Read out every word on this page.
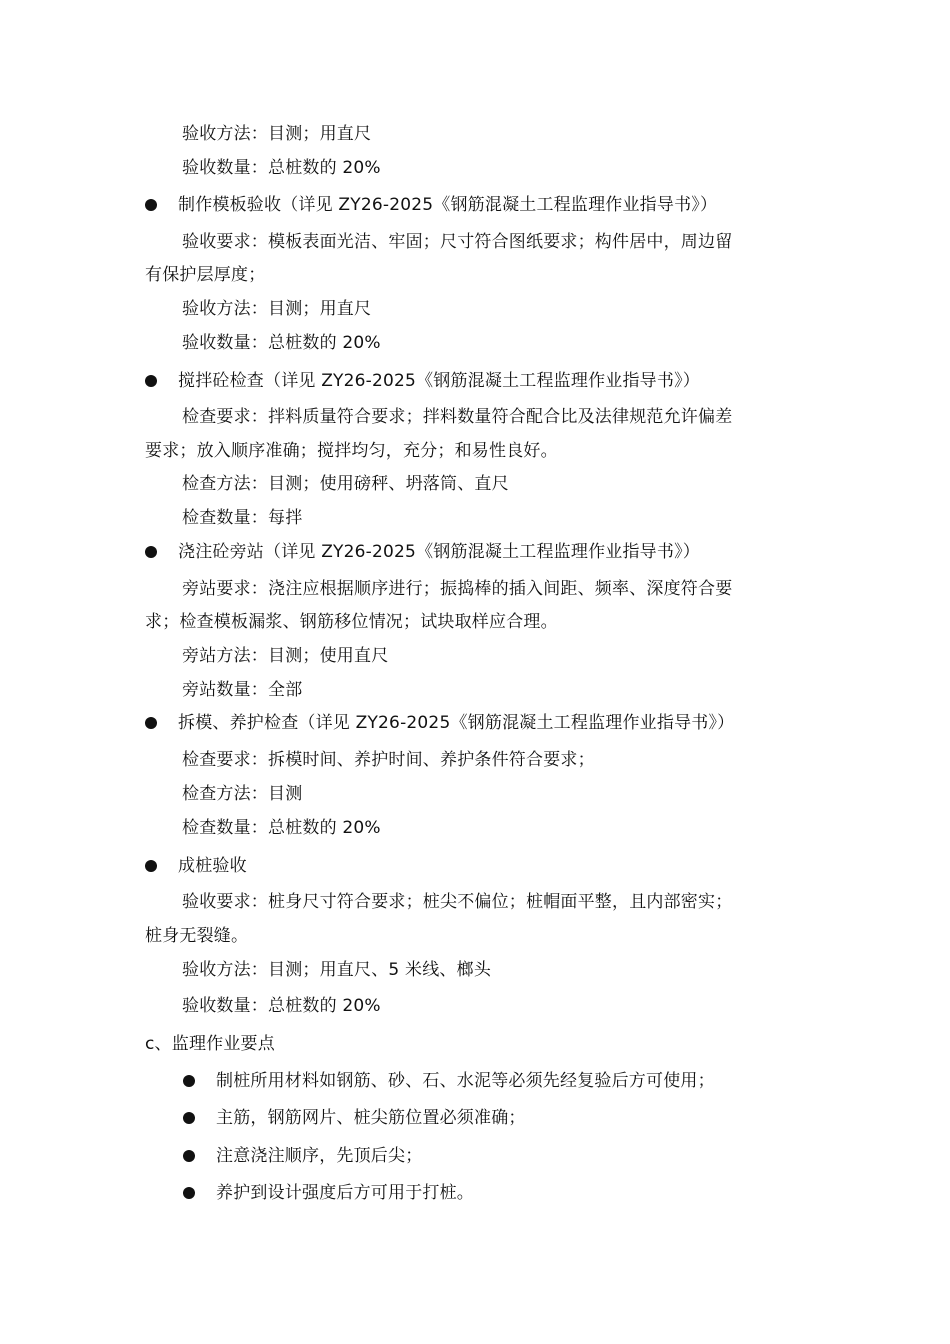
验收方法：目测；用直尺
验收数量：总桩数的 20%
制作模板验收（详见 ZY26-2025《钢筋混凝土工程监理作业指导书》）
验收要求：模板表面光洁、牢固；尺寸符合图纸要求；构件居中，周边留
有保护层厚度；
验收方法：目测；用直尺
验收数量：总桩数的 20%
搅拌砼检查（详见 ZY26-2025《钢筋混凝土工程监理作业指导书》）
检查要求：拌料质量符合要求；拌料数量符合配合比及法律规范允许偏差
要求；放入顺序准确；搅拌均匀，充分；和易性良好。
检查方法：目测；使用磅秤、坍落筒、直尺
检查数量：每拌
浇注砼旁站（详见 ZY26-2025《钢筋混凝土工程监理作业指导书》）
旁站要求：浇注应根据顺序进行；振捣棒的插入间距、频率、深度符合要
求；检查模板漏浆、钢筋移位情况；试块取样应合理。
旁站方法：目测；使用直尺
旁站数量：全部
拆模、养护检查（详见 ZY26-2025《钢筋混凝土工程监理作业指导书》）
检查要求：拆模时间、养护时间、养护条件符合要求；
检查方法：目测
检查数量：总桩数的 20%
成桩验收
验收要求：桩身尺寸符合要求；桩尖不偏位；桩帽面平整，且内部密实；
桩身无裂缝。
验收方法：目测；用直尺、5 米线、榔头
验收数量：总桩数的 20%
c、监理作业要点
制桩所用材料如钢筋、砂、石、水泥等必须先经复验后方可使用；
主筋，钢筋网片、桩尖筋位置必须准确；
注意浇注顺序，先顶后尖；
养护到设计强度后方可用于打桩。
